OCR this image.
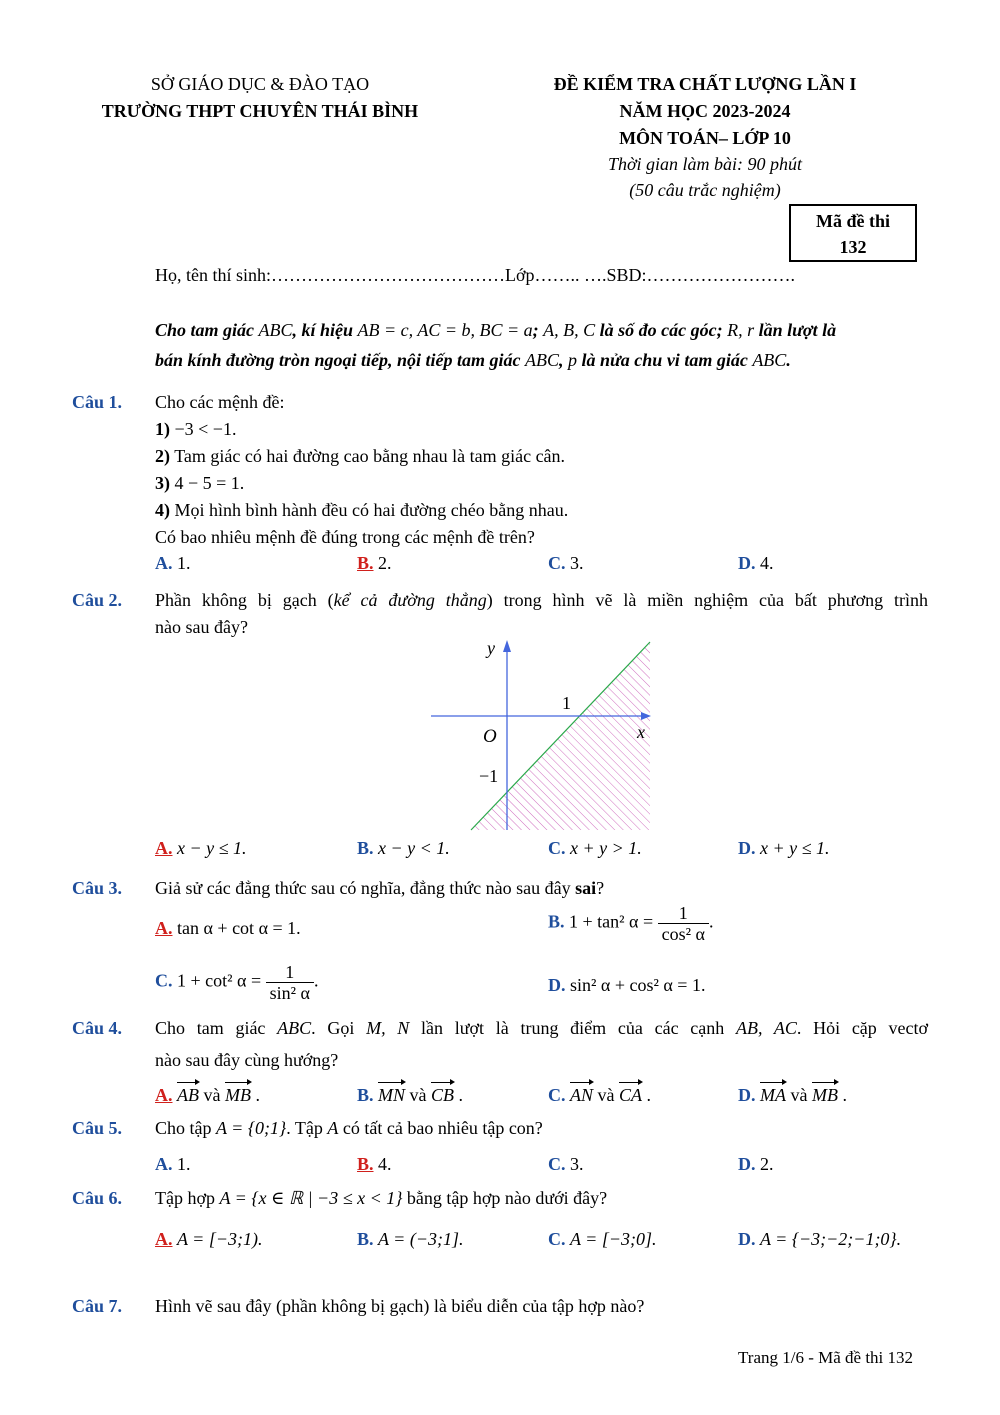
SỞ GIÁO DỤC & ĐÀO TẠO
TRƯỜNG THPT CHUYÊN THÁI BÌNH
ĐỀ KIỂM TRA CHẤT LƯỢNG LẦN I
NĂM HỌC 2023-2024
MÔN TOÁN– LỚP 10
Thời gian làm bài: 90 phút
(50 câu trắc nghiệm)
Mã đề thi
132
Họ, tên thí sinh:…………………………………Lớp…….. ….SBD:…………………….
Cho tam giác ABC, kí hiệu AB = c, AC = b, BC = a; A, B, C là số đo các góc; R, r lần lượt là
bán kính đường tròn ngoại tiếp, nội tiếp tam giác ABC, p là nửa chu vi tam giác ABC.
Câu 1. Cho các mệnh đề:
1) −3 < −1.
2) Tam giác có hai đường cao bằng nhau là tam giác cân.
3) 4 − 5 = 1.
4) Mọi hình bình hành đều có hai đường chéo bằng nhau.
Có bao nhiêu mệnh đề đúng trong các mệnh đề trên?
A. 1.	B. 2.	C. 3.	D. 4.
Câu 2. Phần không bị gạch (kể cả đường thẳng) trong hình vẽ là miền nghiệm của bất phương trình
nào sau đây?
y
x
O
1
−1
A. x − y ≤ 1.	B. x − y < 1.	C. x + y > 1.	D. x + y ≤ 1.
Câu 3. Giả sử các đẳng thức sau có nghĩa, đẳng thức nào sau đây sai?
A. tan α + cot α = 1.	B. 1 + tan² $\alpha = \frac{1}{\text{cos² α}}$ .
C. 1 + cot² $\alpha = \frac{1}{\text{sin² α}}$ .	D. sin² α + cos² α = 1.
Câu 4. Cho tam giác ABC. Gọi M, N lần lượt là trung điểm của các cạnh AB, AC. Hỏi cặp vectơ
nào sau đây cùng hướng?
A. AB và MB .	B. MN và CB .	C. AN và CA .	D. MA và MB .
Câu 5. Cho tập A = {0;1}. Tập A có tất cả bao nhiêu tập con?
A. 1.	B. 4.	C. 3.	D. 2.
Câu 6. Tập hợp A = {x ∈ ℝ | −3 ≤ x < 1} bằng tập hợp nào dưới đây?
A. A = [−3;1).	B. A = (−3;1].	C. A = [−3;0].	D. A = {−3;−2;−1;0}.
Câu 7. Hình vẽ sau đây (phần không bị gạch) là biểu diễn của tập hợp nào?
Trang 1/6 - Mã đề thi 132
